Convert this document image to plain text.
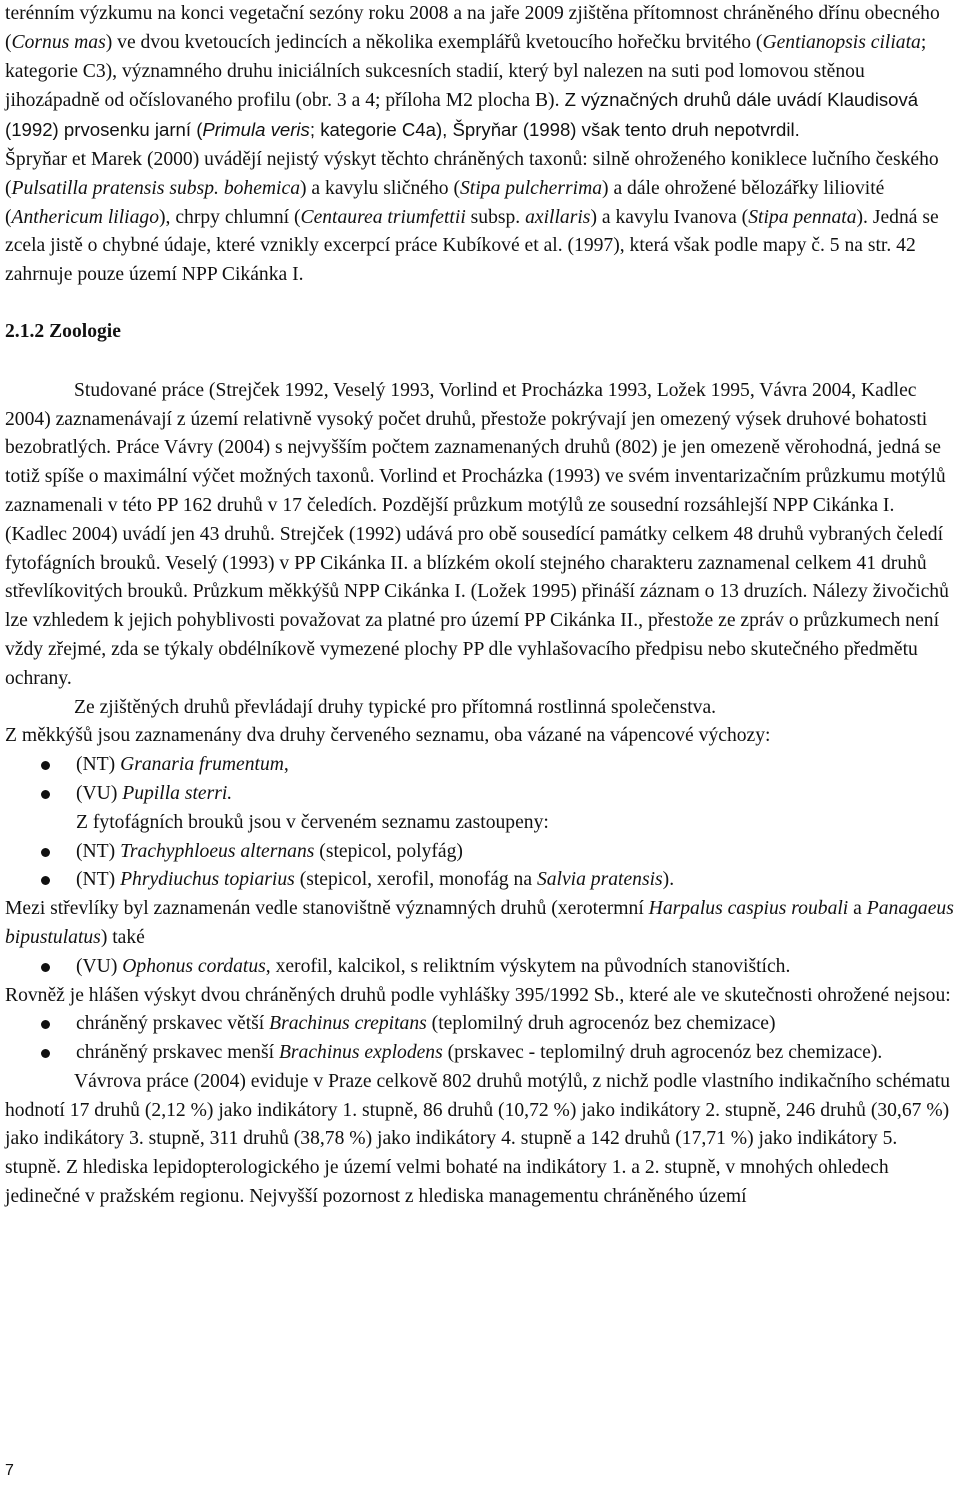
terénním výzkumu na konci vegetační sezóny roku 2008 a na jaře 2009 zjištěna přítomnost chráněného dřínu obecného (Cornus mas) ve dvou kvetoucích jedincích a několika exemplářů kvetoucího hořečku brvitého (Gentianopsis ciliata; kategorie C3), významného druhu iniciálních sukcesních stadií, který byl nalezen na suti pod lomovou stěnou jihozápadně od očíslovaného profilu (obr. 3 a 4; příloha M2 plocha B). Z význačných druhů dále uvádí Klaudisová (1992) prvosenku jarní (Primula veris; kategorie C4a), Špryňar (1998) však tento druh nepotvrdil.

Špryňar et Marek (2000) uvádějí nejistý výskyt těchto chráněných taxonů: silně ohroženého koniklece lučního českého (Pulsatilla pratensis subsp. bohemica) a kavylu sličného (Stipa pulcherrima) a dále ohrožené bělozářky liliovité (Anthericum liliago), chrpy chlumní (Centaurea triumfettii subsp. axillaris) a kavylu Ivanova (Stipa pennata). Jedná se zcela jistě o chybné údaje, které vznikly excerpcí práce Kubíkové et al. (1997), která však podle mapy č. 5 na str. 42 zahrnuje pouze území NPP Cikánka I.

2.1.2 Zoologie

Studované práce (Strejček 1992, Veselý 1993, Vorlind et Procházka 1993, Ložek 1995, Vávra 2004, Kadlec 2004) zaznamenávají z území relativně vysoký počet druhů, přestože pokrývají jen omezený výsek druhové bohatosti bezobratlých. Práce Vávry (2004) s nejvyšším počtem zaznamenaných druhů (802) je jen omezeně věrohodná, jedná se totiž spíše o maximální výčet možných taxonů. Vorlind et Procházka (1993) ve svém inventarizačním průzkumu motýlů zaznamenali v této PP 162 druhů v 17 čeledích. Pozdější průzkum motýlů ze sousední rozsáhlejší NPP Cikánka I. (Kadlec 2004) uvádí jen 43 druhů. Strejček (1992) udává pro obě sousedící památky celkem 48 druhů vybraných čeledí fytofágních brouků. Veselý (1993) v PP Cikánka II. a blízkém okolí stejného charakteru zaznamenal celkem 41 druhů střevlíkovitých brouků. Průzkum měkkýšů NPP Cikánka I. (Ložek 1995) přináší záznam o 13 druzích. Nálezy živočichů lze vzhledem k jejich pohyblivosti považovat za platné pro území PP Cikánka II., přestože ze zpráv o průzkumech není vždy zřejmé, zda se týkaly obdélníkově vymezené plochy PP dle vyhlašovacího předpisu nebo skutečného předmětu ochrany.

Ze zjištěných druhů převládají druhy typické pro přítomná rostlinná společenstva.

Z měkkýšů jsou zaznamenány dva druhy červeného seznamu, oba vázané na vápencové výchozy:

(NT) Granaria frumentum,
(VU) Pupilla sterri.

Z fytofágních brouků jsou v červeném seznamu zastoupeny:

(NT) Trachyphloeus alternans (stepicol, polyfág)
(NT) Phrydiuchus topiarius (stepicol, xerofil, monofág na Salvia pratensis).

Mezi střevlíky byl zaznamenán vedle stanovištně významných druhů (xerotermní Harpalus caspius roubali a Panagaeus bipustulatus) také

(VU) Ophonus cordatus, xerofil, kalcikol, s reliktním výskytem na původních stanovištích.

Rovněž je hlášen výskyt dvou chráněných druhů podle vyhlášky 395/1992 Sb., které ale ve skutečnosti ohrožené nejsou:

chráněný prskavec větší Brachinus crepitans (teplomilný druh agrocenóz bez chemizace)
chráněný prskavec menší Brachinus explodens (prskavec - teplomilný druh agrocenóz bez chemizace).

Vávrova práce (2004) eviduje v Praze celkově 802 druhů motýlů, z nichž podle vlastního indikačního schématu hodnotí 17 druhů (2,12 %) jako indikátory 1. stupně, 86 druhů (10,72 %) jako indikátory 2. stupně, 246 druhů (30,67 %) jako indikátory 3. stupně, 311 druhů (38,78 %) jako indikátory 4. stupně a 142 druhů (17,71 %) jako indikátory 5. stupně. Z hlediska lepidopterologického je území velmi bohaté na indikátory 1. a 2. stupně, v mnohých ohledech jedinečné v pražském regionu. Nejvyšší pozornost z hlediska managementu chráněného území

7
